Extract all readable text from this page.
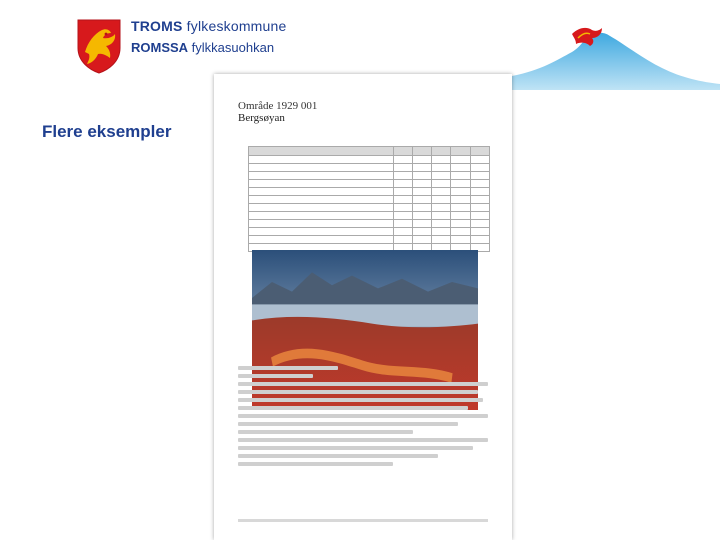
TROMS fylkeskommune
ROMSSA fylkkasuohkan
Flere eksempler
Område 1929 001
Bergsøyan
